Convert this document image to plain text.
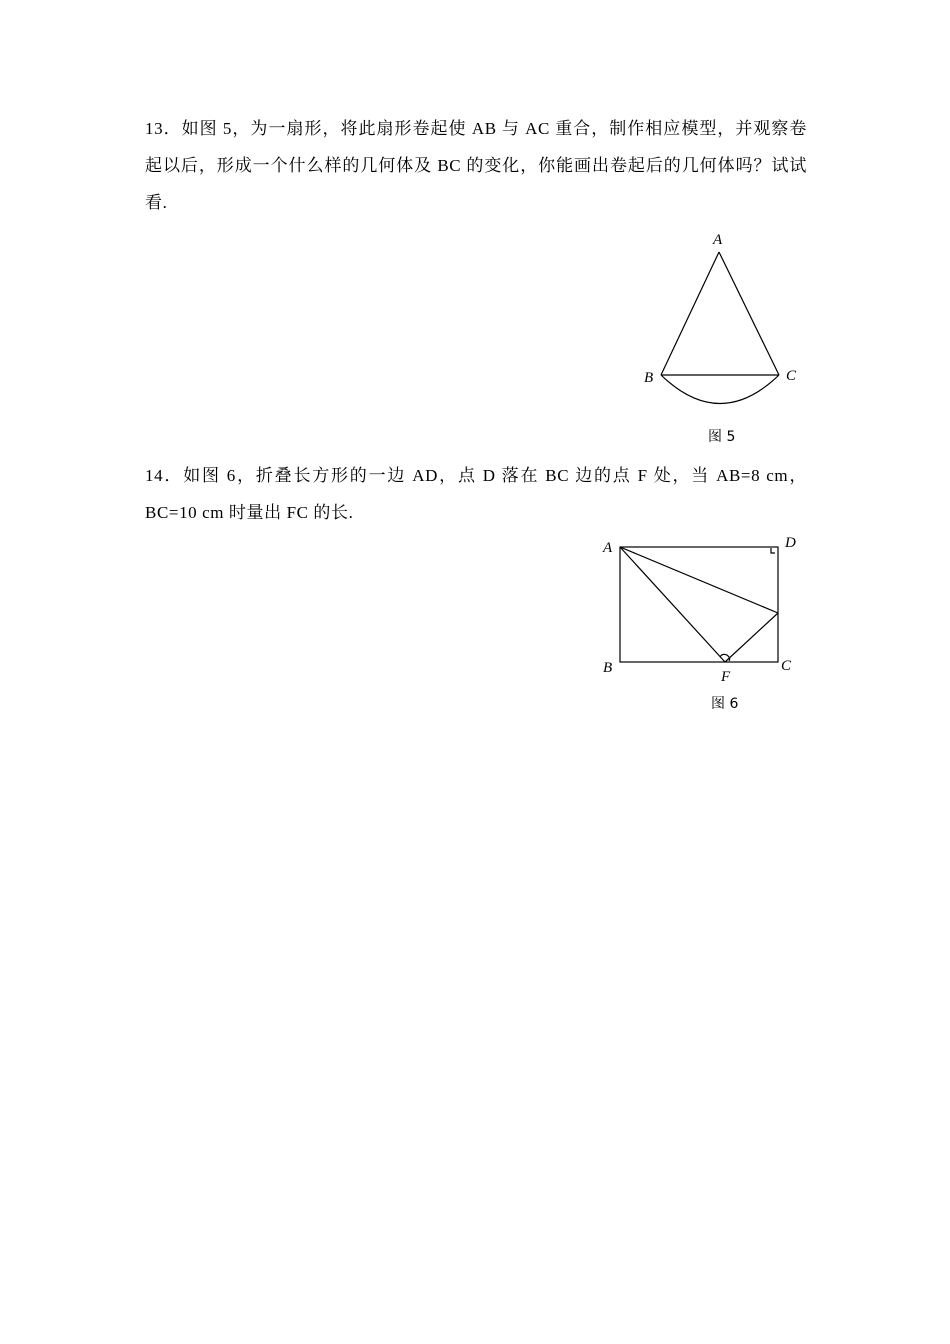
13．如图 5，为一扇形，将此扇形卷起使 AB 与 AC 重合，制作相应模型，并观察卷起以后，形成一个什么样的几何体及 BC 的变化，你能画出卷起后的几何体吗？试试看.
14．如图 6，折叠长方形的一边 AD，点 D 落在 BC 边的点 F 处，当 AB=8 cm，BC=10 cm 时量出 FC 的长.
A
B	C
图 5
A	D
B	C
F
图 6
